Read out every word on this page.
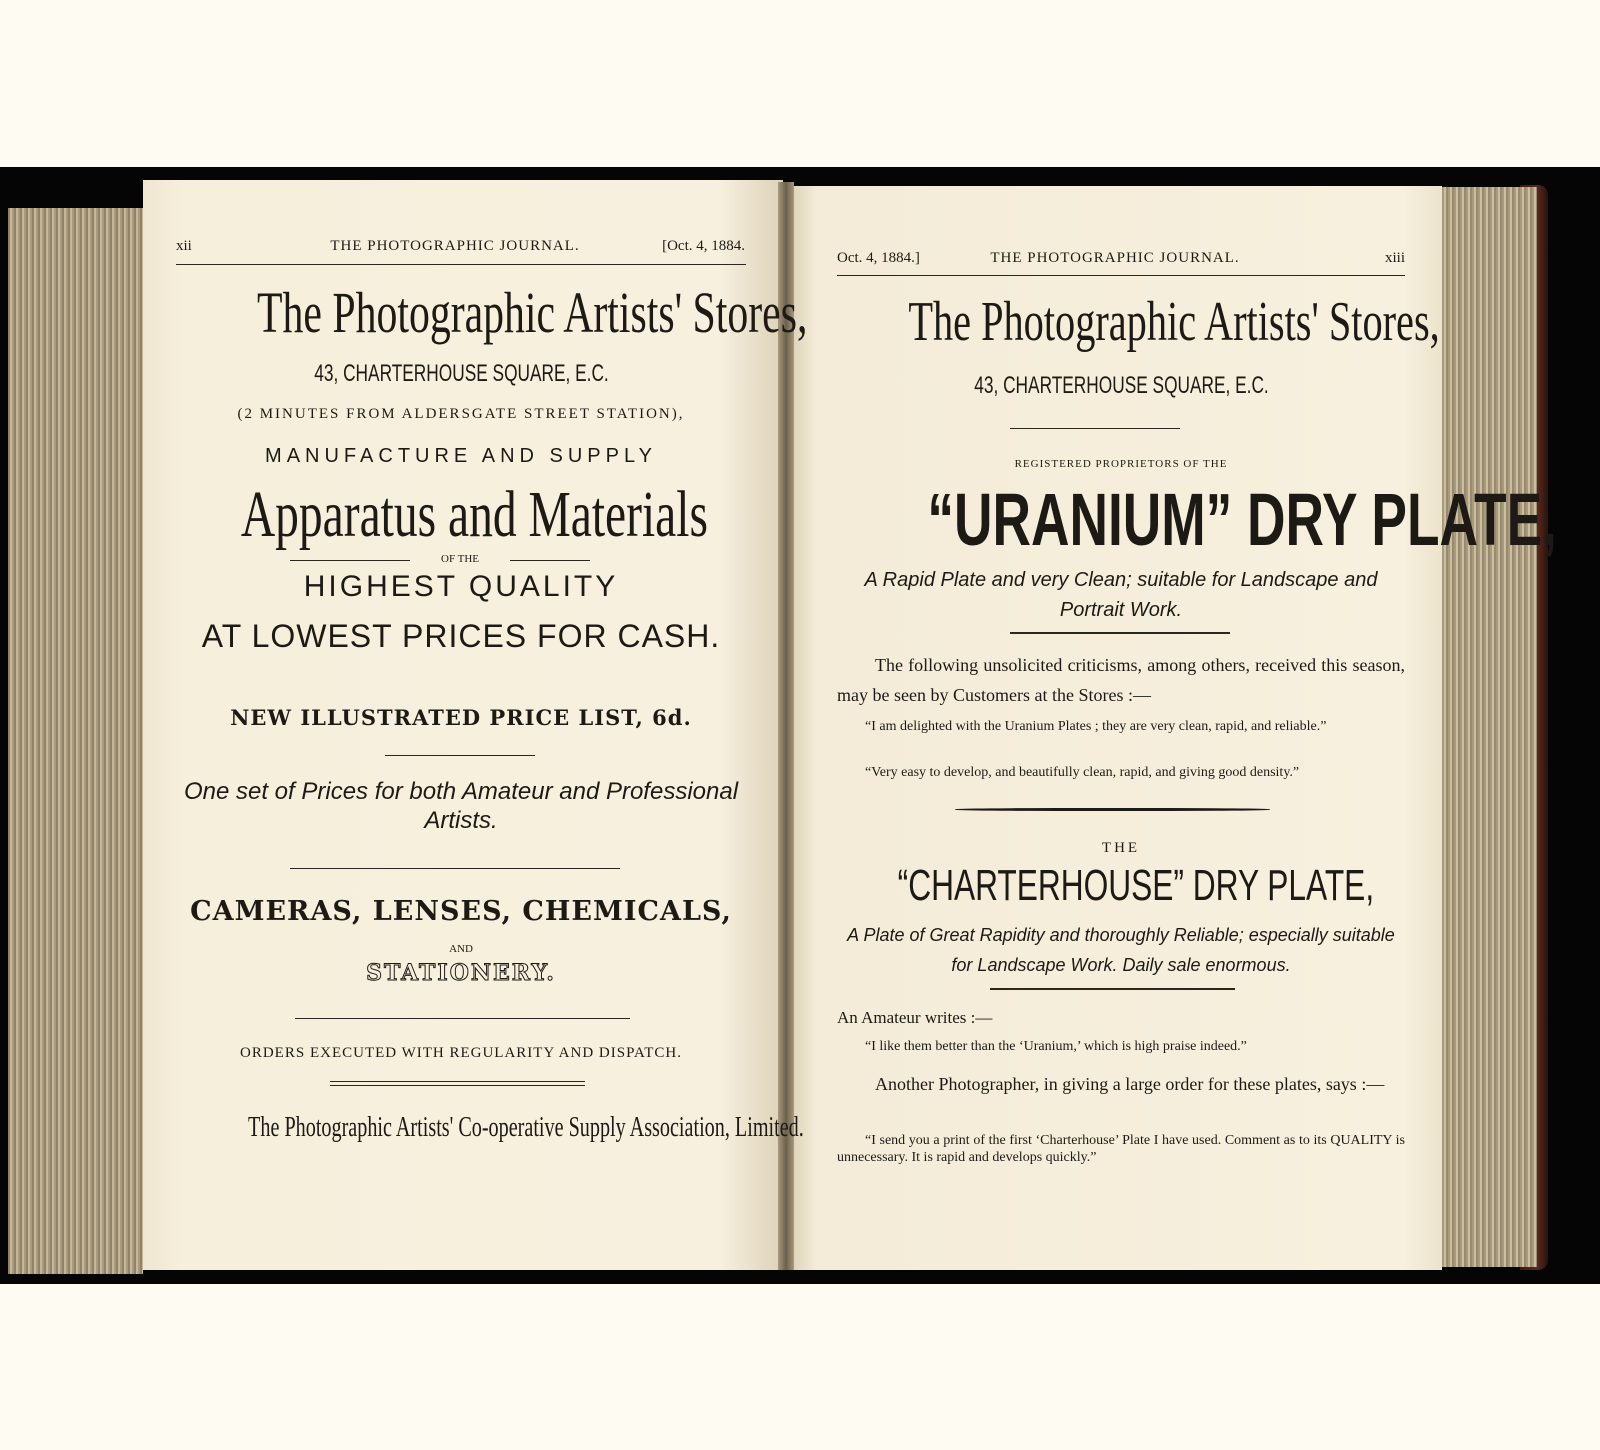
xii	THE PHOTOGRAPHIC JOURNAL.	[Oct. 4, 1884.
The Photographic Artists' Stores,
43, CHARTERHOUSE SQUARE, E.C.
(2 MINUTES FROM ALDERSGATE STREET STATION),
MANUFACTURE AND SUPPLY
Apparatus and Materials
OF THE
HIGHEST QUALITY
AT LOWEST PRICES FOR CASH.
NEW ILLUSTRATED PRICE LIST, 6d.
One set of Prices for both Amateur and Professional Artists.
CAMERAS, LENSES, CHEMICALS,
AND
STATIONERY.
ORDERS EXECUTED WITH REGULARITY AND DISPATCH.
The Photographic Artists' Co-operative Supply Association, Limited.
Oct. 4, 1884.]	THE PHOTOGRAPHIC JOURNAL.	xiii
The Photographic Artists' Stores,
43, CHARTERHOUSE SQUARE, E.C.
REGISTERED PROPRIETORS OF THE
“URANIUM” DRY PLATE,
A Rapid Plate and very Clean; suitable for Landscape and Portrait Work.
The following unsolicited criticisms, among others, received this season, may be seen by Customers at the Stores :—
“I am delighted with the Uranium Plates ; they are very clean, rapid, and reliable.”
“Very easy to develop, and beautifully clean, rapid, and giving good density.”
THE
“CHARTERHOUSE” DRY PLATE,
A Plate of Great Rapidity and thoroughly Reliable; especially suitable for Landscape Work. Daily sale enormous.
An Amateur writes :—
“I like them better than the ‘Uranium,’ which is high praise indeed.”
Another Photographer, in giving a large order for these plates, says :—
“I send you a print of the first ‘Charterhouse’ Plate I have used. Comment as to its QUALITY is unnecessary. It is rapid and develops quickly.”
